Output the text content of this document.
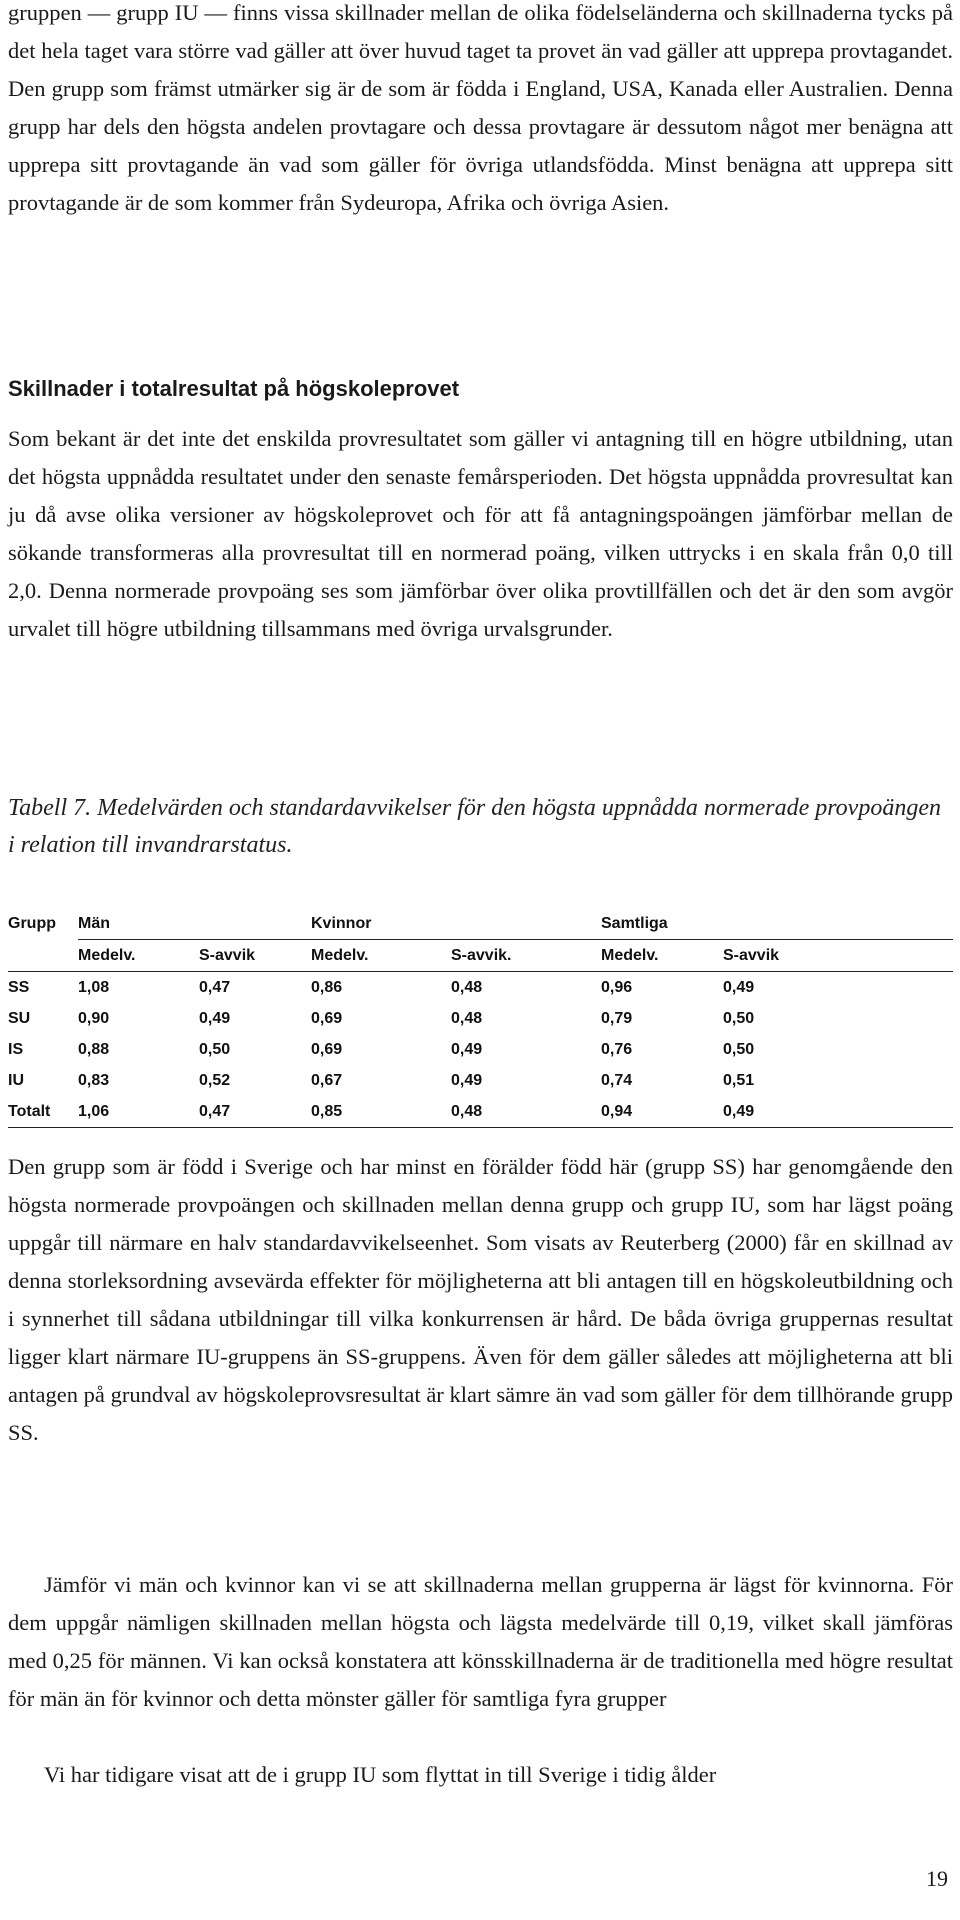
gruppen — grupp IU — finns vissa skillnader mellan de olika födelseländerna och skillnaderna tycks på det hela taget vara större vad gäller att över huvud taget ta provet än vad gäller att upprepa provtagandet. Den grupp som främst utmärker sig är de som är födda i England, USA, Kanada eller Australien. Denna grupp har dels den högsta andelen provtagare och dessa provtagare är dessutom något mer benägna att upprepa sitt provtagande än vad som gäller för övriga utlandsfödda. Minst benägna att upprepa sitt provtagande är de som kommer från Sydeuropa, Afrika och övriga Asien.

Skillnader i totalresultat på högskoleprovet

Som bekant är det inte det enskilda provresultatet som gäller vi antagning till en högre utbildning, utan det högsta uppnådda resultatet under den senaste femårsperioden. Det högsta uppnådda provresultat kan ju då avse olika versioner av högskoleprovet och för att få antagningspoängen jämförbar mellan de sökande transformeras alla provresultat till en normerad poäng, vilken uttrycks i en skala från 0,0 till 2,0. Denna normerade provpoäng ses som jämförbar över olika provtillfällen och det är den som avgör urvalet till högre utbildning tillsammans med övriga urvalsgrunder.

Tabell 7. Medelvärden och standardavvikelser för den högsta uppnådda normerade provpoängen i relation till invandrarstatus.
Grupp	Män		Kvinnor		Samtliga	
	Medelv.	S-avvik	Medelv.	S-avvik.	Medelv.	S-avvik
SS	1,08	0,47	0,86	0,48	0,96	0,49
SU	0,90	0,49	0,69	0,48	0,79	0,50
IS	0,88	0,50	0,69	0,49	0,76	0,50
IU	0,83	0,52	0,67	0,49	0,74	0,51
Totalt	1,06	0,47	0,85	0,48	0,94	0,49

Den grupp som är född i Sverige och har minst en förälder född här (grupp SS) har genomgående den högsta normerade provpoängen och skillnaden mellan denna grupp och grupp IU, som har lägst poäng uppgår till närmare en halv standardavvikelseenhet. Som visats av Reuterberg (2000) får en skillnad av denna storleksordning avsevärda effekter för möjligheterna att bli antagen till en högskoleutbildning och i synnerhet till sådana utbildningar till vilka konkurrensen är hård. De båda övriga gruppernas resultat ligger klart närmare IU-gruppens än SS-gruppens. Även för dem gäller således att möjligheterna att bli antagen på grundval av högskoleprovsresultat är klart sämre än vad som gäller för dem tillhörande grupp SS.

Jämför vi män och kvinnor kan vi se att skillnaderna mellan grupperna är lägst för kvinnorna. För dem uppgår nämligen skillnaden mellan högsta och lägsta medelvärde till 0,19, vilket skall jämföras med 0,25 för männen. Vi kan också konstatera att könsskillnaderna är de traditionella med högre resultat för män än för kvinnor och detta mönster gäller för samtliga fyra grupper

Vi har tidigare visat att de i grupp IU som flyttat in till Sverige i tidig ålder

19
